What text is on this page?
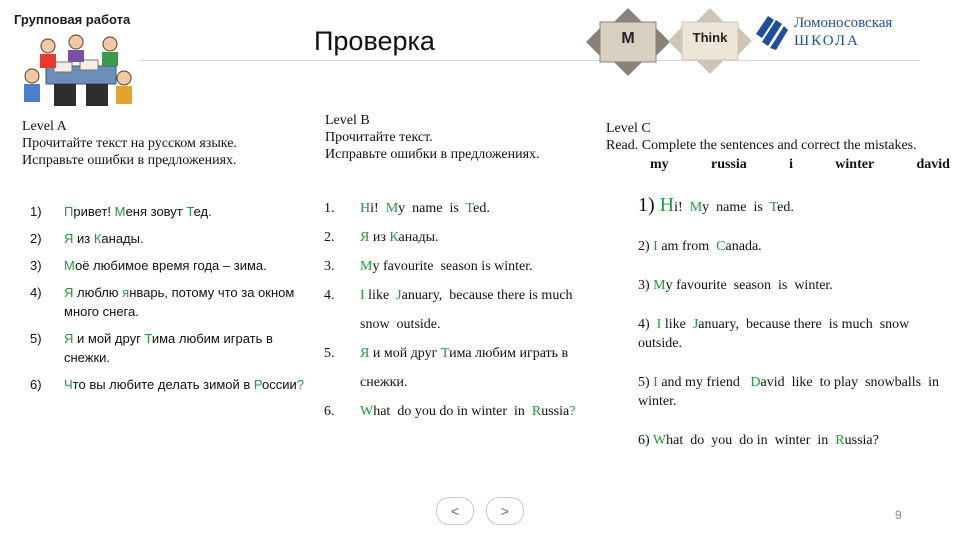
Групповая работа
Проверка	M	Think
Ломоносовская
ШКОЛА
Level A
Прочитайте текст на русском языке.
Исправьте ошибки в предложениях.
1) Привет! Меня зовут Тед.
2) Я из Канады.
3) Моё любимое время года – зима.
4) Я люблю январь, потому что за окном много снега.
5) Я и мой друг Тима любим играть в снежки.
6) Что вы любите делать зимой в России?
Level B
Прочитайте текст.
Исправьте ошибки в предложениях.
1. Hi!  My  name  is  Ted.
2. Я из Канады.
3. My favourite  season is winter.
4. I like  January,  because there is much snow  outside.
5. Я и мой друг Тима любим играть в снежки.
6. What  do you do in winter  in  Russia?
Level C
Read. Complete the sentences and correct the mistakes.
my	russia	i	winter	david
1) Hi!  My  name  is  Ted.
2) I am from  Canada.
3) My favourite  season  is  winter.
4)  I like  January,  because there  is much  snow  outside.
5) I and my friend   David  like  to play  snowballs  in  winter.
6) What  do  you  do in  winter  in  Russia?
<	>	9
